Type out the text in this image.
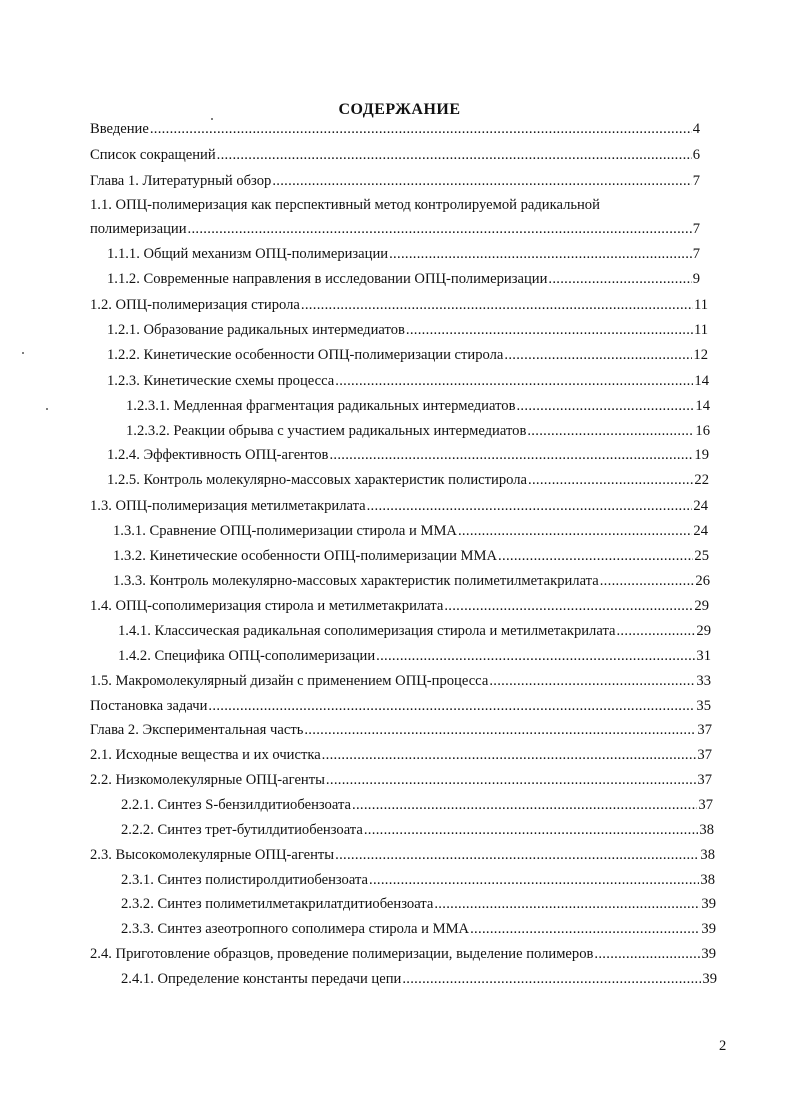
СОДЕРЖАНИЕ
Введение .....	4
Список сокращений .....	6
Глава 1. Литературный обзор .....	7
1.1. ОПЦ-полимеризация как перспективный метод контролируемой радикальной
полимеризации .....	7
1.1.1. Общий механизм ОПЦ-полимеризации .....	7
1.1.2. Современные направления в исследовании ОПЦ-полимеризации .....	9
1.2. ОПЦ-полимеризация стирола .....	11
1.2.1. Образование радикальных интермедиатов .....	11
1.2.2. Кинетические особенности ОПЦ-полимеризации стирола .....	12
1.2.3. Кинетические схемы процесса .....	14
1.2.3.1. Медленная фрагментация радикальных интермедиатов .....	14
1.2.3.2. Реакции обрыва с участием радикальных интермедиатов .....	16
1.2.4. Эффективность ОПЦ-агентов .....	19
1.2.5. Контроль молекулярно-массовых характеристик полистирола .....	22
1.3. ОПЦ-полимеризация метилметакрилата .....	24
1.3.1. Сравнение ОПЦ-полимеризации стирола и ММА .....	24
1.3.2. Кинетические особенности ОПЦ-полимеризации ММА .....	25
1.3.3. Контроль молекулярно-массовых характеристик полиметилметакрилата .....	26
1.4. ОПЦ-сополимеризация стирола и метилметакрилата .....	29
1.4.1. Классическая радикальная сополимеризация стирола и метилметакрилата .....	29
1.4.2. Специфика ОПЦ-сополимеризации .....	31
1.5. Макромолекулярный дизайн с применением ОПЦ-процесса .....	33
Постановка задачи .....	35
Глава 2. Экспериментальная часть .....	37
2.1. Исходные вещества и их очистка .....	37
2.2. Низкомолекулярные ОПЦ-агенты .....	37
2.2.1. Синтез S-бензилдитиобензоата .....	37
2.2.2. Синтез трет-бутилдитиобензоата .....	38
2.3. Высокомолекулярные ОПЦ-агенты .....	38
2.3.1. Синтез полистиролдитиобензоата .....	38
2.3.2. Синтез полиметилметакрилатдитиобензоата .....	39
2.3.3. Синтез азеотропного сополимера стирола и ММА .....	39
2.4. Приготовление образцов, проведение полимеризации, выделение полимеров .....	39
2.4.1. Определение константы передачи цепи .....	39
2
